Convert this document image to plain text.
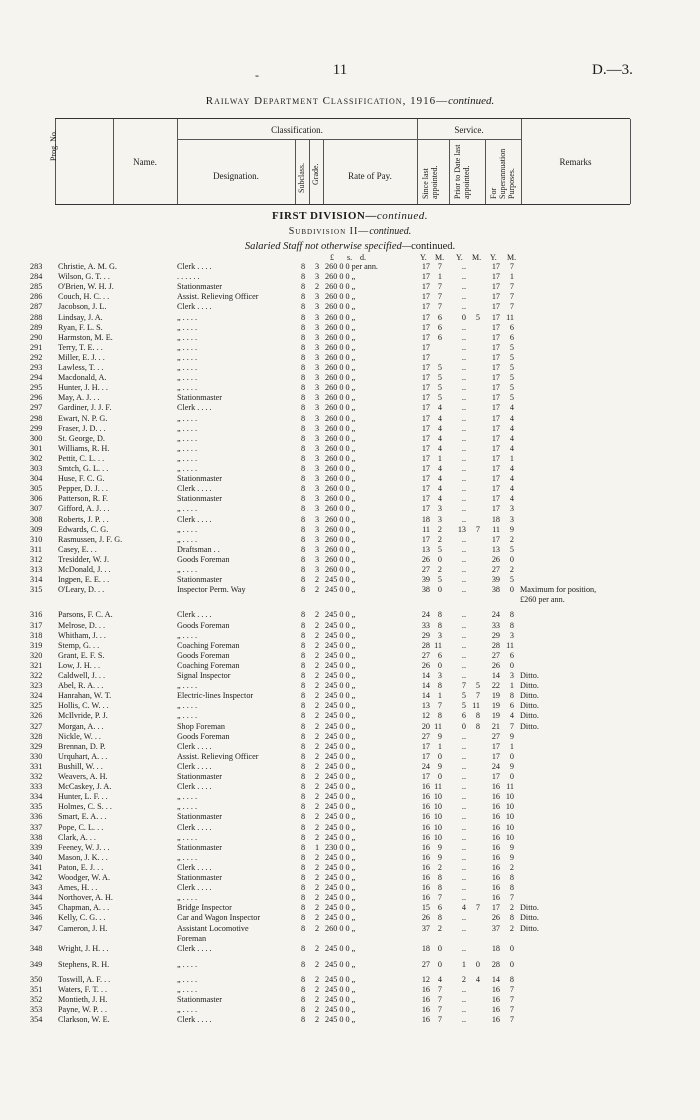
-	11	D.—3.
Railway Department Classification, 1916—continued.
Prog. No.
Name.
Classification.	Service.
Designation.	Subclass. Grade.	Rate of Pay.	Since last appointed. Prior to Date last appointed. For Superannuation Purposes.
Remarks
FIRST DIVISION—continued.
Subdivision II—continued.
Salaried Staff not otherwise specified—continued.
£ s. d.	Y. M. Y. M. Y. M.
283	Christie, A. M. G.	Clerk . . . .	8	3 260 0 0 per ann.	17 7	..	17	7
284	Wilson, G. T. . .	. . . . . .	8	3 260 0 0 „	17 1	..	17	1
285	O'Brien, W. H. J.	Stationmaster	8	2 260 0 0 „	17 7	..	17	7
286	Couch, H. C. . .	Assist. Relieving Officer	8	3 260 0 0 „	17 7	..	17	7
287	Jacobson, J. L.	Clerk . . . .	8	3 260 0 0 „	17 7	..	17	7
288	Lindsay, J. A.	„ . . . .	8	3 260 0 0 „	17 6	0	5	17 11
289	Ryan, F. L. S.	„ . . . .	8	3 260 0 0 „	17 6	..	17	6
290	Harmston, M. E.	„ . . . .	8	3 260 0 0 „	17 6	..	17	6
291	Terry, T. E. . .	„ . . . .	8	3 260 0 0 „	17	..	17	5
292	Miller, E. J. . .	„ . . . .	8	3 260 0 0 „	17	..	17	5
293	Lawless, T. . .	„ . . . .	8	3 260 0 0 „	17 5	..	17	5
294	Macdonald, A.	„ . . . .	8	3 260 0 0 „	17 5	..	17	5
295	Hunter, J. H. . .	„ . . . .	8	3 260 0 0 „	17 5	..	17	5
296	May, A. J. . .	Stationmaster	8	3 260 0 0 „	17 5	..	17	5
297	Gardiner, J. J. F.	Clerk . . . .	8	3 260 0 0 „	17 4	..	17	4
298	Ewart, N. P. G.	„ . . . .	8	3 260 0 0 „	17 4	..	17	4
299	Fraser, J. D. . .	„ . . . .	8	3 260 0 0 „	17 4	..	17	4
300	St. George, D.	„ . . . .	8	3 260 0 0 „	17 4	..	17	4
301	Williams, R. H.	„ . . . .	8	3 260 0 0 „	17 4	..	17	4
302	Pettit, C. L. . .	„ . . . .	8	3 260 0 0 „	17 1	..	17	1
303	Smtch, G. L. . .	„ . . . .	8	3 260 0 0 „	17 4	..	17	4
304	Huse, F. C. G.	Stationmaster	8	3 260 0 0 „	17 4	..	17	4
305	Pepper, D. J. . .	Clerk . . . .	8	3 260 0 0 „	17 4	..	17	4
306	Patterson, R. F.	Stationmaster	8	3 260 0 0 „	17 4	..	17	4
307	Gifford, A. J. . .	„ . . . .	8	3 260 0 0 „	17 3	..	17	3
308	Roberts, J. P. . .	Clerk . . . .	8	3 260 0 0 „	18 3	..	18	3
309	Edwards, C. G.	„ . . . .	8	3 260 0 0 „	11 2	13	7	11	9
310	Rasmussen, J. F. G.	„ . . . .	8	3 260 0 0 „	17 2	..	17	2
311	Casey, E. . .	Draftsman . .	8	3 260 0 0 „	13 5	..	13	5
312	Tresidder, W. J.	Goods Foreman	8	3 260 0 0 „	26 0	..	26	0
313	McDonald, J. . .	„ . . . .	8	3 260 0 0 „	27 2	..	27	2
314	Ingpen, E. E. . .	Stationmaster	8	2 245 0 0 „	39 5	..	39	5
315	O'Leary, D. . .	Inspector Perm. Way	8	2 245 0 0 „	38 0	..	38	0 Maximum for position,
£260 per ann.
316	Parsons, F. C. A.	Clerk . . . .	8	2 245 0 0 „	24 8	..	24	8
317	Melrose, D. . .	Goods Foreman	8	2 245 0 0 „	33 8	..	33	8
318	Whitham, J. . .	„ . . . .	8	2 245 0 0 „	29 3	..	29	3
319	Stemp, G. . .	Coaching Foreman	8	2 245 0 0 „	28 11	..	28 11
320	Grant, E. F. S.	Goods Foreman	8	2 245 0 0 „	27 6	..	27	6
321	Low, J. H. . .	Coaching Foreman	8	2 245 0 0 „	26 0	..	26	0
322	Caldwell, J. . .	Signal Inspector	8	2 245 0 0 „	14 3	..	14	3 Ditto.
323	Abel, R. A. . .	„ . . . .	8	2 245 0 0 „	14 8	7	5	22	1 Ditto.
324	Hanrahan, W. T.	Electric-lines Inspector	8	2 245 0 0 „	14 1	5	7	19	8 Ditto.
325	Hollis, C. W. . .	„ . . . .	8	2 245 0 0 „	13 7	5 11	19	6 Ditto.
326	McIlvride, P. J.	„ . . . .	8	2 245 0 0 „	12 8	6	8	19	4 Ditto.
327	Morgan, A. . .	Shop Foreman	8	2 245 0 0 „	20 11	0	8	21	7 Ditto.
328	Nickle, W. . .	Goods Foreman	8	2 245 0 0 „	27 9	..	27	9
329	Brennan, D. P.	Clerk . . . .	8	2 245 0 0 „	17 1	..	17	1
330	Urquhart, A. . .	Assist. Relieving Officer	8	2 245 0 0 „	17 0	..	17	0
331	Bushill, W. . .	Clerk . . . .	8	2 245 0 0 „	24 9	..	24	9
332	Weavers, A. H.	Stationmaster	8	2 245 0 0 „	17 0	..	17	0
333	McCaskey, J. A.	Clerk . . . .	8	2 245 0 0 „	16 11	..	16 11
334	Hunter, L. F. . .	„ . . . .	8	2 245 0 0 „	16 10	..	16 10
335	Holmes, C. S. . .	„ . . . .	8	2 245 0 0 „	16 10	..	16 10
336	Smart, E. A. . .	Stationmaster	8	2 245 0 0 „	16 10	..	16 10
337	Pope, C. L. . .	Clerk . . . .	8	2 245 0 0 „	16 10	..	16 10
338	Clark, A. . .	„ . . . .	8	2 245 0 0 „	16 10	..	16 10
339	Feeney, W. J. . .	Stationmaster	8	1 230 0 0 „	16 9	..	16	9
340	Mason, J. K. . .	„ . . . .	8	2 245 0 0 „	16 9	..	16	9
341	Paton, E. J. . .	Clerk . . . .	8	2 245 0 0 „	16 2	..	16	2
342	Woodger, W. A.	Stationmaster	8	2 245 0 0 „	16 8	..	16	8
343	Ames, H. . .	Clerk . . . .	8	2 245 0 0 „	16 8	..	16	8
344	Northover, A. H.	„ . . . .	8	2 245 0 0 „	16 7	..	16	7
345	Chapman, A. . .	Bridge Inspector	8	2 245 0 0 „	15 6	4	7	17	2 Ditto.
346	Kelly, C. G. . .	Car and Wagon Inspector	8	2 245 0 0 „	26 8	..	26	8 Ditto.
347	Cameron, J. H.	Assistant Locomotive	8	2 260 0 0 „	37 2	..	37	2 Ditto.
Foreman
348	Wright, J. H. . .	Clerk . . . .	8	2 245 0 0 „	18 0	..	18	0
349	Stephens, R. H.	„ . . . .	8	2 245 0 0 „	27 0	1	0	28	0
350	Toswill, A. F. . .	„ . . . .	8	2 245 0 0 „	12 4	2	4	14	8
351	Waters, F. T. . .	„ . . . .	8	2 245 0 0 „	16 7	..	16	7
352	Montieth, J. H.	Stationmaster	8	2 245 0 0 „	16 7	..	16	7
353	Payne, W. P. . .	„ . . . .	8	2 245 0 0 „	16 7	..	16	7
354	Clarkson, W. E.	Clerk . . . .	8	2 245 0 0 „	16 7	..	16	7
